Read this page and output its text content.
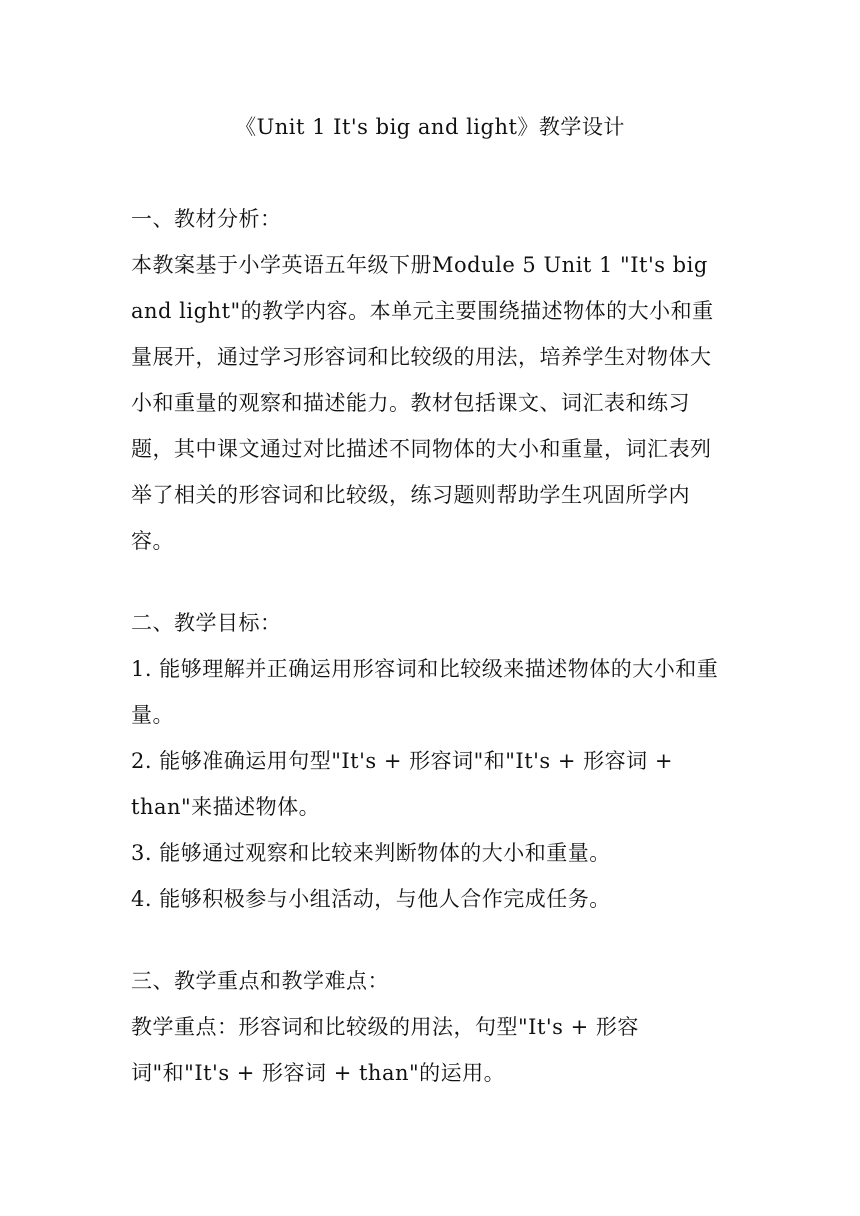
《Unit 1 It's big and light》教学设计
一、教材分析：

本教案基于小学英语五年级下册Module 5 Unit 1 "It's big and light"的教学内容。本单元主要围绕描述物体的大小和重量展开，通过学习形容词和比较级的用法，培养学生对物体大小和重量的观察和描述能力。教材包括课文、词汇表和练习题，其中课文通过对比描述不同物体的大小和重量，词汇表列举了相关的形容词和比较级，练习题则帮助学生巩固所学内容。

二、教学目标：

1. 能够理解并正确运用形容词和比较级来描述物体的大小和重量。

2. 能够准确运用句型"It's + 形容词"和"It's + 形容词 + than"来描述物体。

3. 能够通过观察和比较来判断物体的大小和重量。

4. 能够积极参与小组活动，与他人合作完成任务。

三、教学重点和教学难点：

教学重点：形容词和比较级的用法，句型"It's + 形容词"和"It's + 形容词 + than"的运用。
